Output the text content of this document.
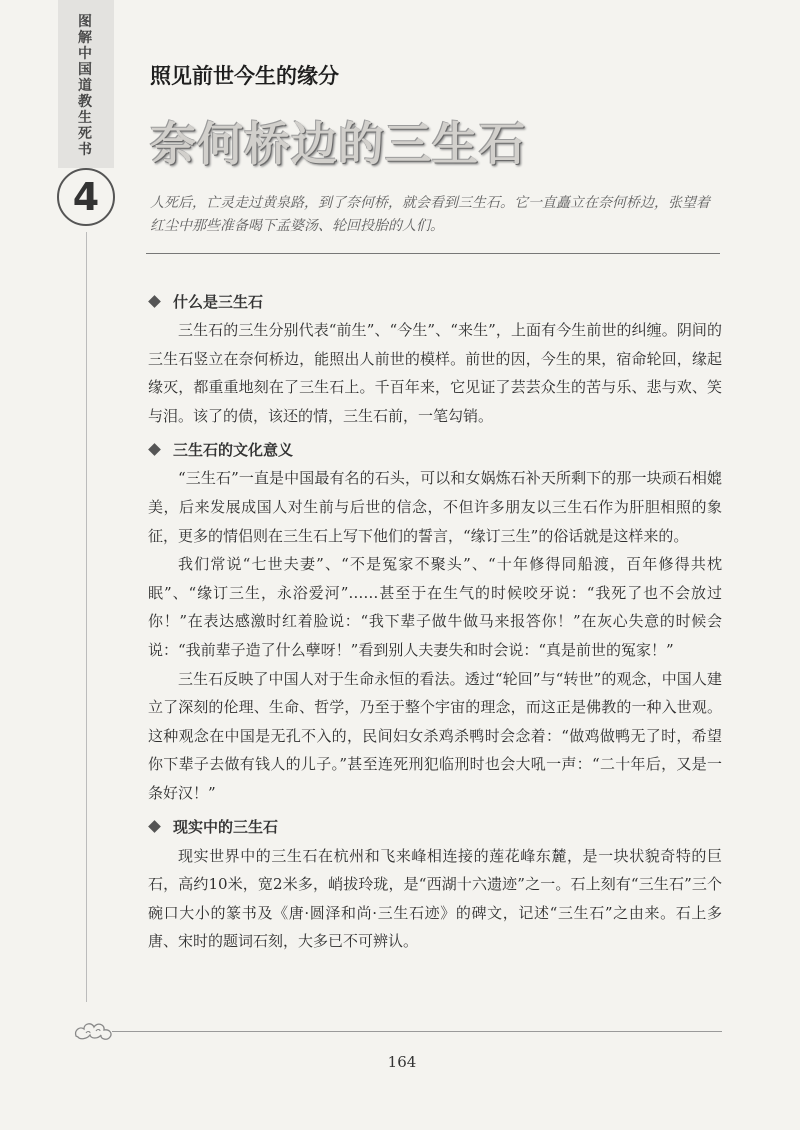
图解中国道教生死书
4
照见前世今生的缘分
奈何桥边的三生石

人死后，亡灵走过黄泉路，到了奈何桥，就会看到三生石。它一直矗立在奈何桥边，张望着红尘中那些准备喝下孟婆汤、轮回投胎的人们。

什么是三生石

三生石的三生分别代表“前生”、“今生”、“来生”，上面有今生前世的纠缠。阴间的三生石竖立在奈何桥边，能照出人前世的模样。前世的因，今生的果，宿命轮回，缘起缘灭，都重重地刻在了三生石上。千百年来，它见证了芸芸众生的苦与乐、悲与欢、笑与泪。该了的债，该还的情，三生石前，一笔勾销。

三生石的文化意义

“三生石”一直是中国最有名的石头，可以和女娲炼石补天所剩下的那一块顽石相媲美，后来发展成国人对生前与后世的信念，不但许多朋友以三生石作为肝胆相照的象征，更多的情侣则在三生石上写下他们的誓言，“缘订三生”的俗话就是这样来的。

我们常说“七世夫妻”、“不是冤家不聚头”、“十年修得同船渡，百年修得共枕眠”、“缘订三生，永浴爱河”……甚至于在生气的时候咬牙说：“我死了也不会放过你！”在表达感激时红着脸说：“我下辈子做牛做马来报答你！”在灰心失意的时候会说：“我前辈子造了什么孽呀！”看到别人夫妻失和时会说：“真是前世的冤家！”

三生石反映了中国人对于生命永恒的看法。透过“轮回”与“转世”的观念，中国人建立了深刻的伦理、生命、哲学，乃至于整个宇宙的理念，而这正是佛教的一种入世观。这种观念在中国是无孔不入的，民间妇女杀鸡杀鸭时会念着：“做鸡做鸭无了时，希望你下辈子去做有钱人的儿子。”甚至连死刑犯临刑时也会大吼一声：“二十年后，又是一条好汉！”

现实中的三生石

现实世界中的三生石在杭州和飞来峰相连接的莲花峰东麓，是一块状貌奇特的巨石，高约10米，宽2米多，峭拔玲珑，是“西湖十六遗迹”之一。石上刻有“三生石”三个碗口大小的篆书及《唐·圆泽和尚·三生石迹》的碑文，记述“三生石”之由来。石上多唐、宋时的题词石刻，大多已不可辨认。

164
